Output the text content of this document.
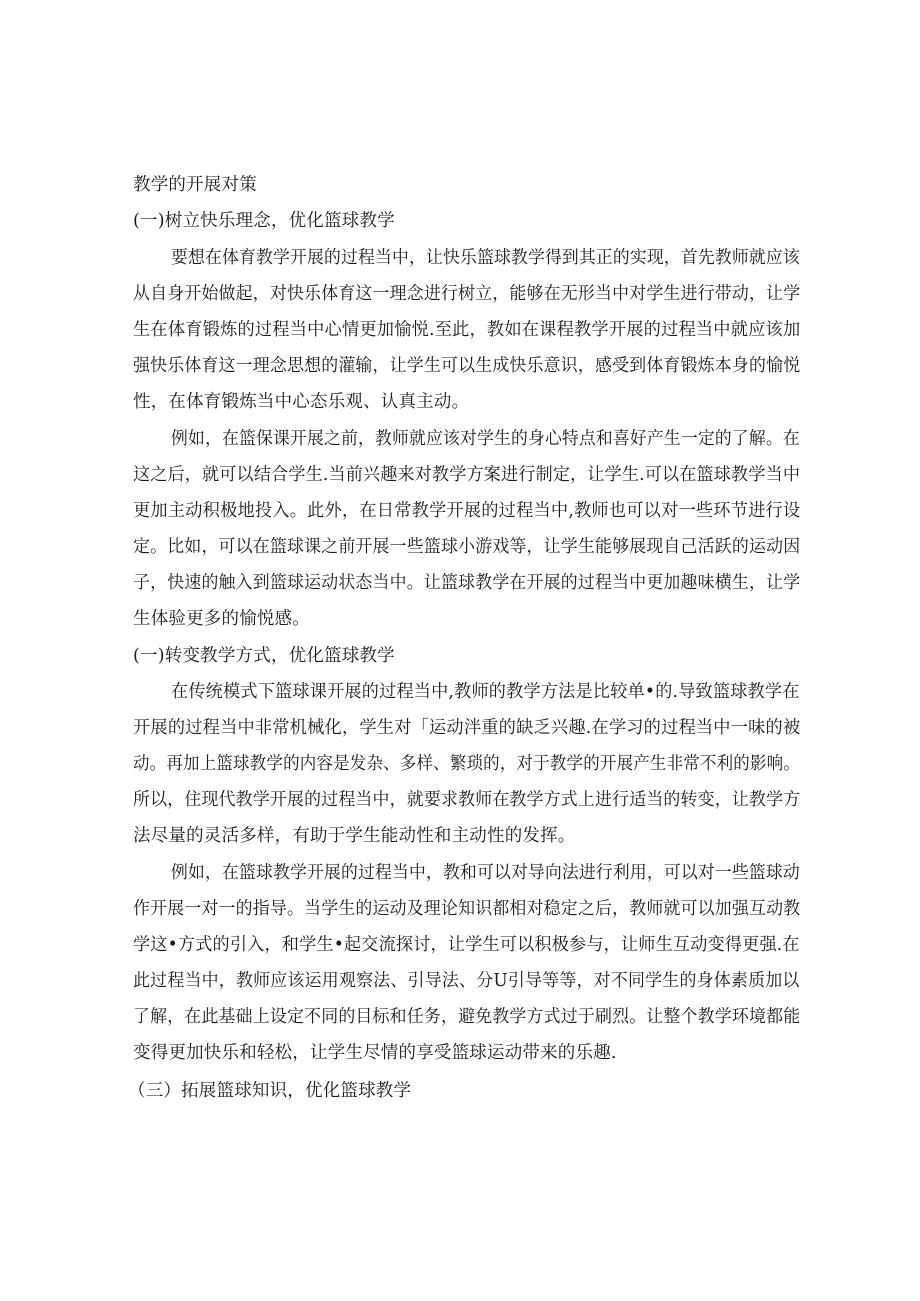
教学的开展对策
(一)树立快乐理念，优化篮球教学
要想在体育教学开展的过程当中，让快乐篮球教学得到其正的实现，首先教师就应该
从自身开始做起，对快乐体育这一理念进行树立，能够在无形当中对学生进行带动，让学
生在体育锻炼的过程当中心情更加愉悦.至此，教如在课程教学开展的过程当中就应该加
强快乐体育这一理念思想的灌输，让学生可以生成快乐意识，感受到体育锻炼本身的愉悦
性，在体育锻炼当中心态乐观、认真主动。
例如，在篮保课开展之前，教师就应该对学生的身心特点和喜好产生一定的了解。在
这之后，就可以结合学生.当前兴趣来对教学方案进行制定，让学生.可以在篮球教学当中
更加主动积极地投入。此外，在日常教学开展的过程当中,教师也可以对一些环节进行设
定。比如，可以在篮球课之前开展一些篮球小游戏等，让学生能够展现自己活跃的运动因
子，快速的触入到篮球运动状态当中。让篮球教学在开展的过程当中更加趣味横生，让学
生体验更多的愉悦感。
(一)转变教学方式，优化篮球教学
在传统模式下篮球课开展的过程当中,教师的教学方法是比较单•的.导致篮球教学在
开展的过程当中非常机械化，学生对「运动泮重的缺乏兴趣.在学习的过程当中一味的被
动。再加上篮球教学的内容是发杂、多样、繁琐的，对于教学的开展产生非常不利的影响。
所以，住现代教学开展的过程当中，就要求教师在教学方式上进行适当的转变，让教学方
法尽量的灵活多样，有助于学生能动性和主动性的发挥。
例如，在篮球教学开展的过程当中，教和可以对导向法进行利用，可以对一些篮球动
作开展一对一的指导。当学生的运动及理论知识都相对稳定之后，教师就可以加强互动教
学这•方式的引入，和学生•起交流探讨，让学生可以积极参与，让师生互动变得更强.在
此过程当中，教师应该运用观察法、引导法、分U引导等等，对不同学生的身体素质加以
了解，在此基础上设定不同的目标和任务，避免教学方式过于刷烈。让整个教学环境都能
变得更加快乐和轻松，让学生尽情的享受篮球运动带来的乐趣.
（三）拓展篮球知识，优化篮球教学
